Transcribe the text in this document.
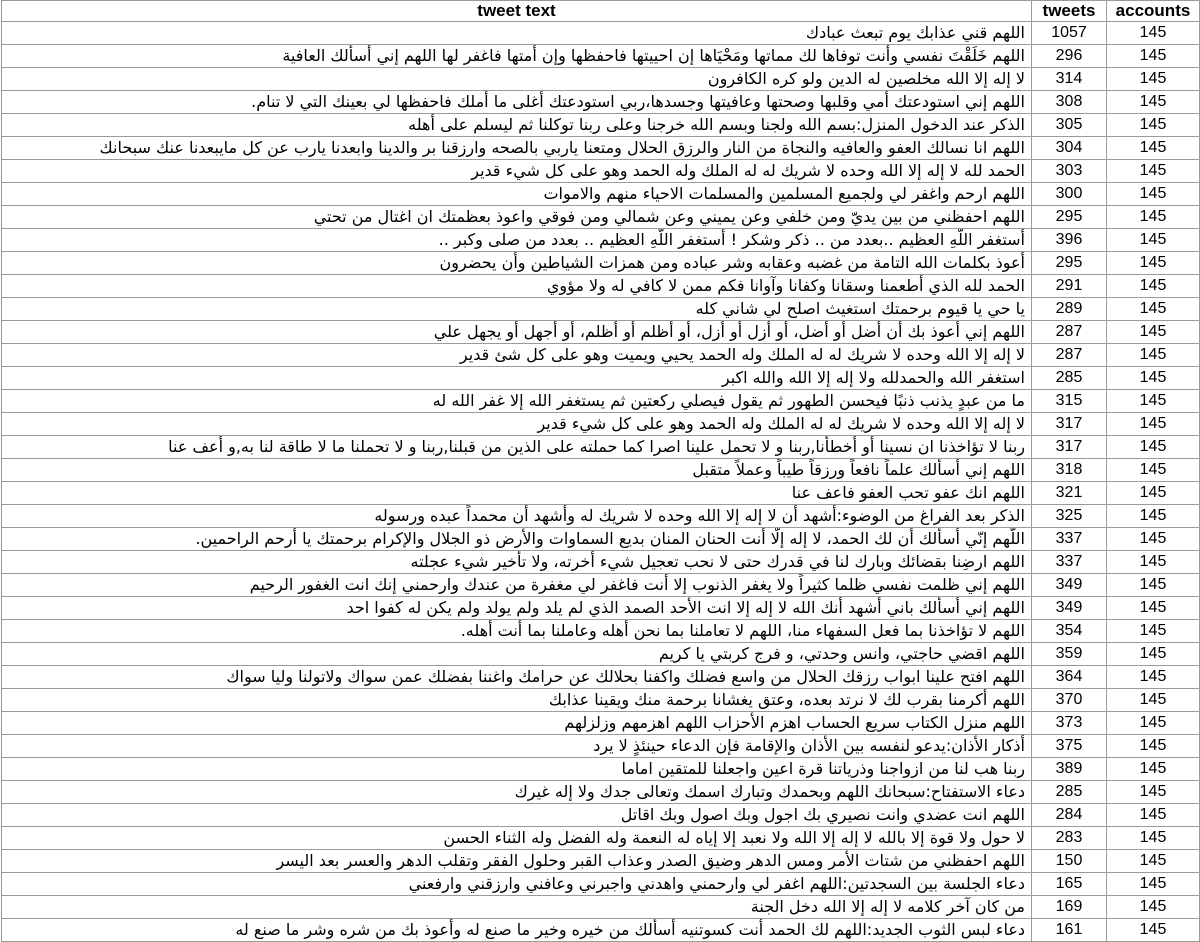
tweet text	tweets	accounts
اللهم قني عذابك يوم تبعث عبادك	1057	145
اللهم خَلَقْتَ نفسي وأنت توفاها لك مماتها ومَحْيَاها إن احييتها فاحفظها وإن أمتها فاغفر لها اللهم إني أسألك العافية	296	145
لا إله إلا الله مخلصين له الدين ولو كره الكافرون	314	145
اللهم إني استودعتك أمي وقلبها وصحتها وعافيتها وجسدها،ربي استودعتك أغلى ما أملك فاحفظها لي بعينك التي لا تنام.	308	145
الذكر عند الدخول المنزل:بسم الله ولجنا وبسم الله خرجنا وعلى ربنا توكلنا ثم ليسلم على أهله	305	145
اللهم انا نسالك العفو والعافيه والنجاة من النار والرزق الحلال ومتعنا ياربي بالصحه وارزقنا بر والدينا وابعدنا يارب عن كل مايبعدنا عنك سبحانك	304	145
الحمد لله لا إله إلا الله وحده لا شريك له له الملك وله الحمد وهو على كل شيء قدير	303	145
اللهم ارحم واغفر لي ولجميع المسلمين والمسلمات الاحياء منهم والاموات	300	145
اللهم احفظني من بين يديّ ومن خلفي وعن يميني وعن شمالي ومن فوقي واعوذ بعظمتك ان اغتال من تحتي	295	145
أستغفر اللّهِ العظيم ..بعدد من .. ذكر وشكر ! أستغفر اللّهِ العظيم .. بعدد من صلى وكبر ..	396	145
أعوذ بكلمات الله التامة من غضبه وعقابه وشر عباده ومن همزات الشياطين وأن يحضرون	295	145
الحمد لله الذي أطعمنا وسقانا وكفانا وآوانا فكم ممن لا كافي له ولا مؤوي	291	145
يا حي يا قيوم برحمتك استغيث اصلح لي شاني كله	289	145
اللهم إني أعوذ بك أن أضل أو أضل، أو أزل أو أزل، أو أظلم أو أظلم، أو أجهل أو يجهل علي	287	145
لا إله إلا الله وحده لا شريك له له الملك وله الحمد يحيي ويميت وهو على كل شئ قدير	287	145
استغفر الله والحمدلله ولا إله إلا الله والله اكبر	285	145
ما من عبدٍ يذنب ذنبًا فيحسن الطهور ثم يقول فيصلي ركعتين ثم يستغفر الله إلا غفر الله له	315	145
لا إله إلا الله وحده لا شريك له له الملك وله الحمد وهو على كل شيء قدير	317	145
ربنا لا تؤاخذنا ان نسينا أو أخطأنا,ربنا و لا تحمل علينا اصرا كما حملته على الذين من قبلنا,ربنا و لا تحملنا ما لا طاقة لنا به,و أعف عنا	317	145
اللهم إني أسألك علماً نافعاً ورزقاً طيباً وعملاً متقبل	318	145
اللهم انك عفو تحب العفو فاعف عنا	321	145
الذكر بعد الفراغ من الوضوء:أشهد أن لا إله إلا الله وحده لا شريك له وأشهد أن محمداً عبده ورسوله	325	145
اللّهم إنّي أسألك أن لك الحمد، لا إله إلّا أنت الحنان المنان بديع السماوات والأرض ذو الجلال والإكرام برحمتك يا أرحم الراحمين.	337	145
اللهم ارضِنا بقضائك وبارك لنا في قدرك حتى لا نحب تعجيل شيء أخرته، ولا تأخير شيء عجلته	337	145
اللهم إني ظلمت نفسي ظلما كثيراً ولا يغفر الذنوب إلا أنت فاغفر لي مغفرة من عندك وارحمني إنك انت الغفور الرحيم	349	145
اللهم إني أسألك باني أشهد أنك الله لا إله إلا انت الأحد الصمد الذي لم يلد ولم يولد ولم يكن له كفوا احد	349	145
اللهم لا تؤاخذنا بما فعل السفهاء منا، اللهم لا تعاملنا بما نحن أهله وعاملنا بما أنت أهله.	354	145
اللهم اقضي حاجتي، وانس وحدتي، و فرج كربتي يا كريم	359	145
اللهم افتح علينا ابواب رزقك الحلال من واسع فضلك واكفنا بحلالك عن حرامك واغننا بفضلك عمن سواك ولاتولنا وليا سواك	364	145
اللهم أكرمنا بقرب لك لا نرتد بعده، وعتق يغشانا برحمة منك ويقينا عذابك	370	145
اللهم منزل الكتاب سريع الحساب اهزم الأحزاب اللهم اهزمهم وزلزلهم	373	145
أذكار الأذان:يدعو لنفسه بين الأذان والإقامة فإن الدعاء حينئذٍ لا يرد	375	145
ربنا هب لنا من ازواجنا وذرياتنا قرة اعين واجعلنا للمتقين اماما	389	145
دعاء الاستفتاح:سبحانك اللهم وبحمدك وتبارك اسمك وتعالى جدك ولا إله غيرك	285	145
اللهم انت عضدي وانت نصيري بك اجول وبك اصول وبك اقاتل	284	145
لا حول ولا قوة إلا بالله لا إله إلا الله ولا نعبد إلا إياه له النعمة وله الفضل وله الثناء الحسن	283	145
اللهم احفظني من شتات الأمر ومس الدهر وضيق الصدر وعذاب القبر وحلول الفقر وتقلب الدهر والعسر بعد اليسر	150	145
دعاء الجلسة بين السجدتين:اللهم اغفر لي وارحمني واهدني واجبرني وعافني وارزقني وارفعني	165	145
من كان آخر كلامه لا إله إلا الله دخل الجنة	169	145
دعاء لبس الثوب الجديد:اللهم لك الحمد أنت كسوتنيه أسألك من خيره وخير ما صنع له وأعوذ بك من شره وشر ما صنع له	161	145
